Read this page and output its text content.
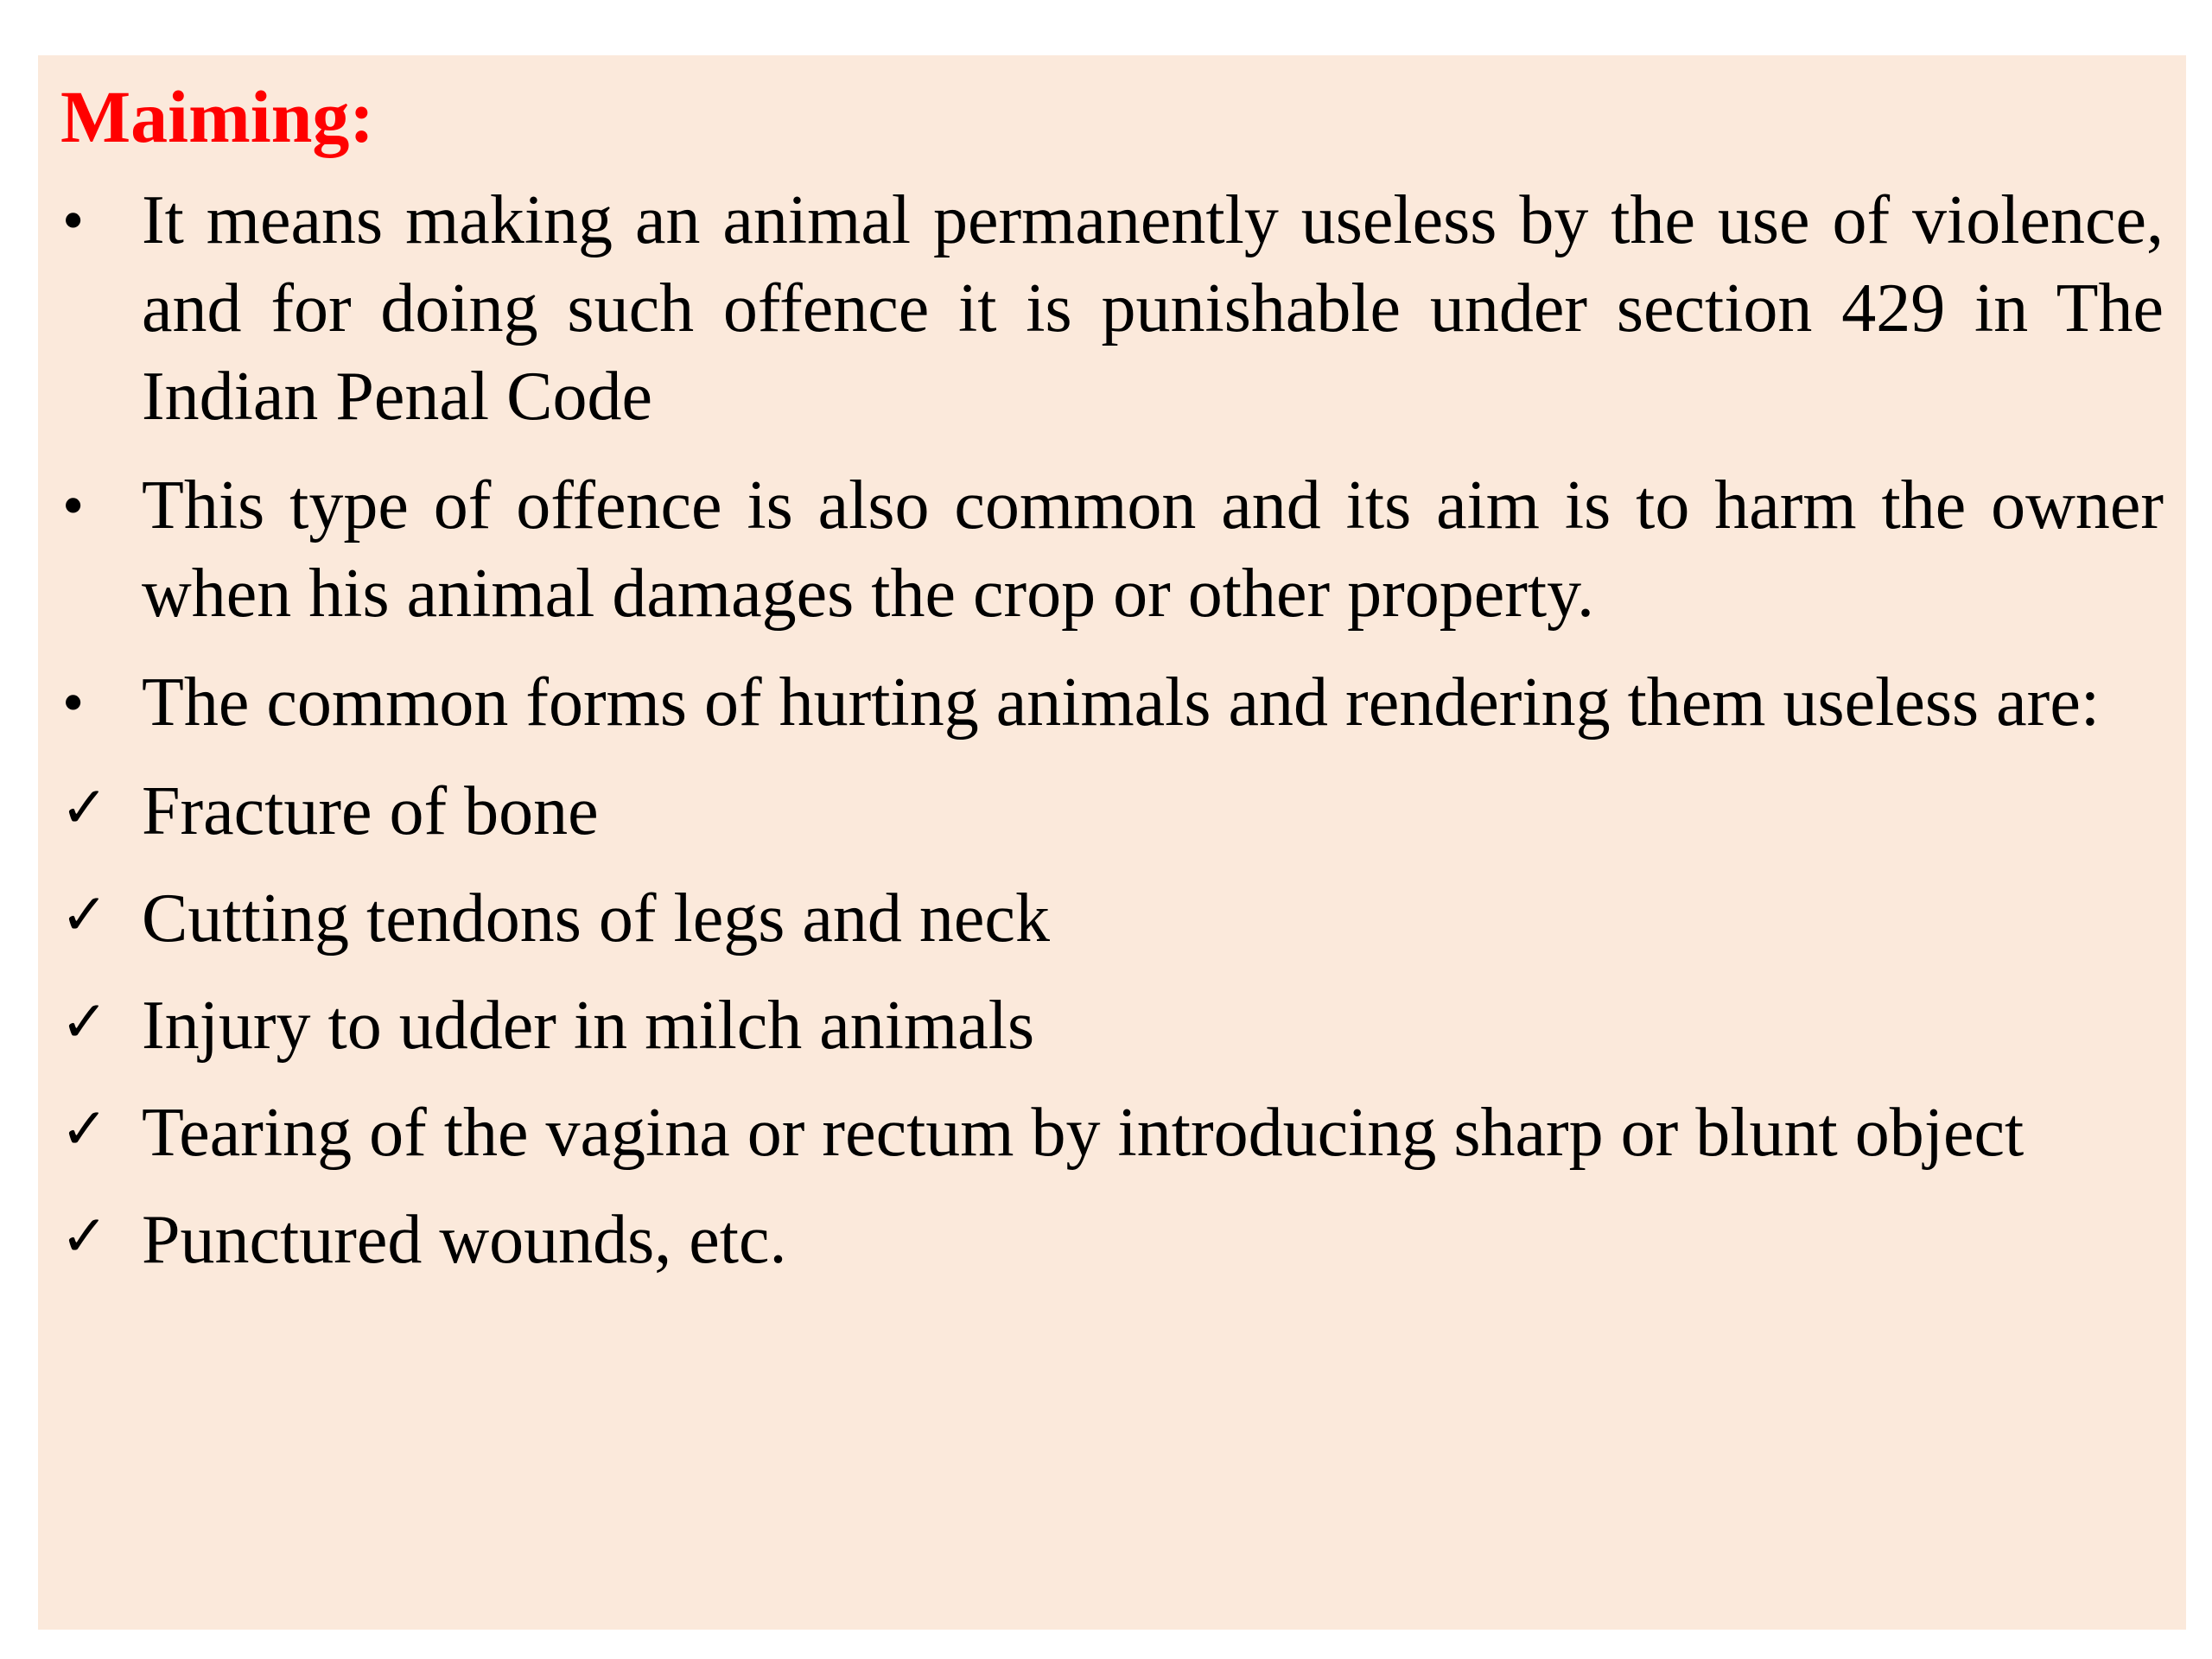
Maiming:
• It means making an animal permanently useless by the use of violence, and for doing such offence it is punishable under section 429 in The Indian Penal Code
• This type of offence is also common and its aim is to harm the owner when his animal damages the crop or other property.
• The common forms of hurting animals and rendering them useless are:
✓ Fracture of bone
✓ Cutting tendons of legs and neck
✓ Injury to udder in milch animals
✓ Tearing of the vagina or rectum by introducing sharp or blunt object
✓ Punctured wounds, etc.
